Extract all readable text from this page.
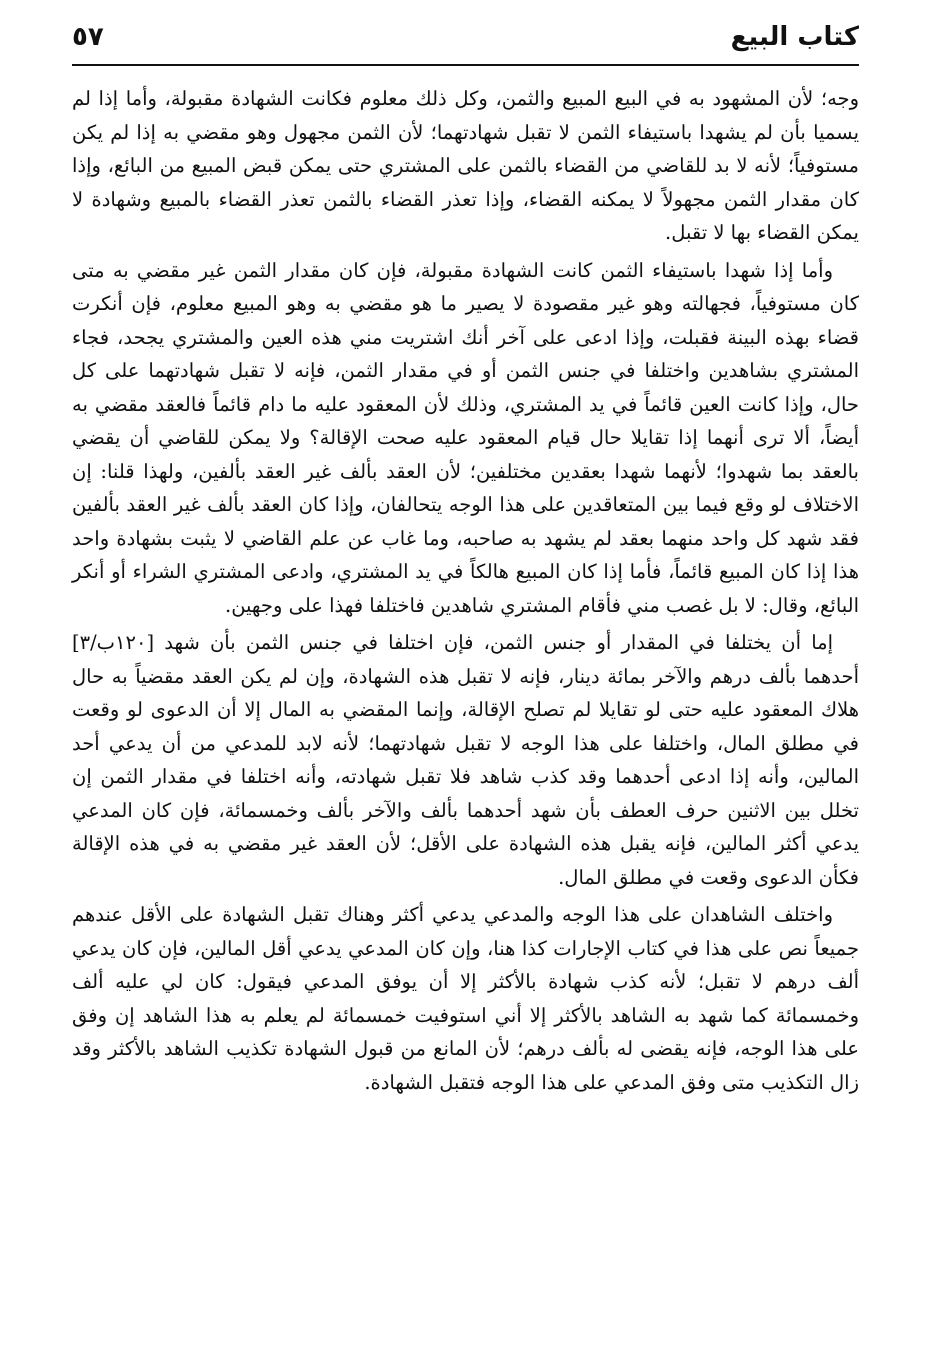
كتاب البيع
٥٧

وجه؛ لأن المشهود به في البيع المبيع والثمن، وكل ذلك معلوم فكانت الشهادة مقبولة، وأما إذا لم يسميا بأن لم يشهدا باستيفاء الثمن لا تقبل شهادتهما؛ لأن الثمن مجهول وهو مقضي به إذا لم يكن مستوفياً؛ لأنه لا بد للقاضي من القضاء بالثمن على المشتري حتى يمكن قبض المبيع من البائع، وإذا كان مقدار الثمن مجهولاً لا يمكنه القضاء، وإذا تعذر القضاء بالثمن تعذر القضاء بالمبيع وشهادة لا يمكن القضاء بها لا تقبل.

وأما إذا شهدا باستيفاء الثمن كانت الشهادة مقبولة، فإن كان مقدار الثمن غير مقضي به متى كان مستوفياً، فجهالته وهو غير مقصودة لا يصير ما هو مقضي به وهو المبيع معلوم، فإن أنكرت قضاء بهذه البينة فقبلت، وإذا ادعى على آخر أنك اشتريت مني هذه العين والمشتري يجحد، فجاء المشتري بشاهدين واختلفا في جنس الثمن أو في مقدار الثمن، فإنه لا تقبل شهادتهما على كل حال، وإذا كانت العين قائماً في يد المشتري، وذلك لأن المعقود عليه ما دام قائماً فالعقد مقضي به أيضاً، ألا ترى أنهما إذا تقايلا حال قيام المعقود عليه صحت الإقالة؟ ولا يمكن للقاضي أن يقضي بالعقد بما شهدوا؛ لأنهما شهدا بعقدين مختلفين؛ لأن العقد بألف غير العقد بألفين، ولهذا قلنا: إن الاختلاف لو وقع فيما بين المتعاقدين على هذا الوجه يتحالفان، وإذا كان العقد بألف غير العقد بألفين فقد شهد كل واحد منهما بعقد لم يشهد به صاحبه، وما غاب عن علم القاضي لا يثبت بشهادة واحد هذا إذا كان المبيع قائماً، فأما إذا كان المبيع هالكاً في يد المشتري، وادعى المشتري الشراء أو أنكر البائع، وقال: لا بل غصب مني فأقام المشتري شاهدين فاختلفا فهذا على وجهين.

إما أن يختلفا في المقدار أو جنس الثمن، فإن اختلفا في جنس الثمن بأن شهد [١٢٠ب/٣] أحدهما بألف درهم والآخر بمائة دينار، فإنه لا تقبل هذه الشهادة، وإن لم يكن العقد مقضياً به حال هلاك المعقود عليه حتى لو تقايلا لم تصلح الإقالة، وإنما المقضي به المال إلا أن الدعوى لو وقعت في مطلق المال، واختلفا على هذا الوجه لا تقبل شهادتهما؛ لأنه لابد للمدعي من أن يدعي أحد المالين، وأنه إذا ادعى أحدهما وقد كذب شاهد فلا تقبل شهادته، وأنه اختلفا في مقدار الثمن إن تخلل بين الاثنين حرف العطف بأن شهد أحدهما بألف والآخر بألف وخمسمائة، فإن كان المدعي يدعي أكثر المالين، فإنه يقبل هذه الشهادة على الأقل؛ لأن العقد غير مقضي به في هذه الإقالة فكأن الدعوى وقعت في مطلق المال.

واختلف الشاهدان على هذا الوجه والمدعي يدعي أكثر وهناك تقبل الشهادة على الأقل عندهم جميعاً نص على هذا في كتاب الإجارات كذا هنا، وإن كان المدعي يدعي أقل المالين، فإن كان يدعي ألف درهم لا تقبل؛ لأنه كذب شهادة بالأكثر إلا أن يوفق المدعي فيقول: كان لي عليه ألف وخمسمائة كما شهد به الشاهد بالأكثر إلا أني استوفيت خمسمائة لم يعلم به هذا الشاهد إن وفق على هذا الوجه، فإنه يقضى له بألف درهم؛ لأن المانع من قبول الشهادة تكذيب الشاهد بالأكثر وقد زال التكذيب متى وفق المدعي على هذا الوجه فتقبل الشهادة.
